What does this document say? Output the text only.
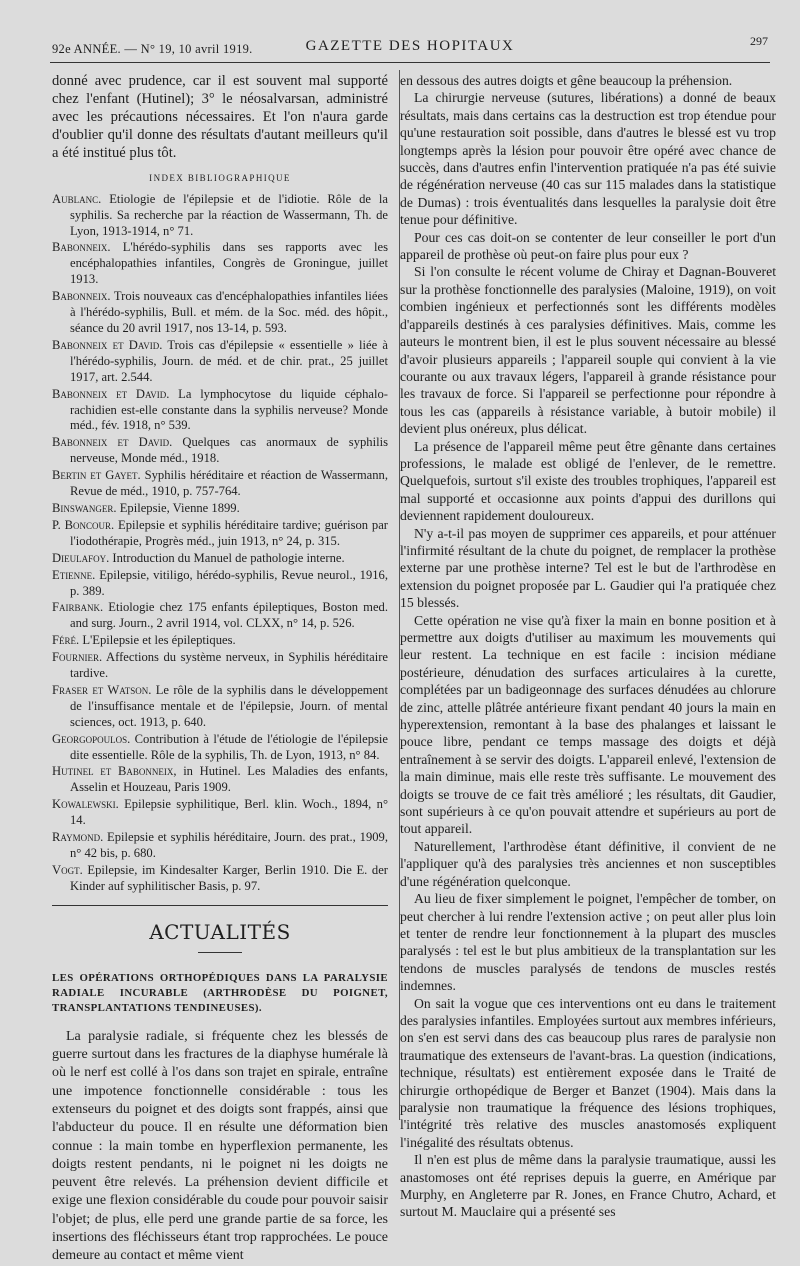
92e ANNÉE. — N° 19, 10 avril 1919.	GAZETTE DES HOPITAUX	297

donné avec prudence, car il est souvent mal supporté chez l'enfant (Hutinel); 3° le néosalvarsan, administré avec les précautions nécessaires. Et l'on n'aura garde d'oublier qu'il donne des résultats d'autant meilleurs qu'il a été institué plus tôt.

INDEX BIBLIOGRAPHIQUE

Aublanc. Etiologie de l'épilepsie et de l'idiotie. Rôle de la syphilis. Sa recherche par la réaction de Wassermann, Th. de Lyon, 1913-1914, n° 71.

Babonneix. L'hérédo-syphilis dans ses rapports avec les encéphalopathies infantiles, Congrès de Groningue, juillet 1913.

Babonneix. Trois nouveaux cas d'encéphalopathies infantiles liées à l'hérédo-syphilis, Bull. et mém. de la Soc. méd. des hôpit., séance du 20 avril 1917, nos 13-14, p. 593.

Babonneix et David. Trois cas d'épilepsie « essentielle » liée à l'hérédo-syphilis, Journ. de méd. et de chir. prat., 25 juillet 1917, art. 2.544.

Babonneix et David. La lymphocytose du liquide céphalo-rachidien est-elle constante dans la syphilis nerveuse? Monde méd., fév. 1918, n° 539.

Babonneix et David. Quelques cas anormaux de syphilis nerveuse, Monde méd., 1918.

Bertin et Gayet. Syphilis héréditaire et réaction de Wassermann, Revue de méd., 1910, p. 757-764.

Binswanger. Epilepsie, Vienne 1899.

P. Boncour. Epilepsie et syphilis héréditaire tardive; guérison par l'iodothérapie, Progrès méd., juin 1913, n° 24, p. 315.

Dieulafoy. Introduction du Manuel de pathologie interne.

Etienne. Epilepsie, vitiligo, hérédo-syphilis, Revue neurol., 1916, p. 389.

Fairbank. Etiologie chez 175 enfants épileptiques, Boston med. and surg. Journ., 2 avril 1914, vol. CLXX, n° 14, p. 526.

Féré. L'Epilepsie et les épileptiques.

Fournier. Affections du système nerveux, in Syphilis héréditaire tardive.

Fraser et Watson. Le rôle de la syphilis dans le développement de l'insuffisance mentale et de l'épilepsie, Journ. of mental sciences, oct. 1913, p. 640.

Georgopoulos. Contribution à l'étude de l'étiologie de l'épilepsie dite essentielle. Rôle de la syphilis, Th. de Lyon, 1913, n° 84.

Hutinel et Babonneix, in Hutinel. Les Maladies des enfants, Asselin et Houzeau, Paris 1909.

Kowalewski. Epilepsie syphilitique, Berl. klin. Woch., 1894, n° 14.

Raymond. Epilepsie et syphilis héréditaire, Journ. des prat., 1909, n° 42 bis, p. 680.

Vogt. Epilepsie, im Kindesalter Karger, Berlin 1910. Die E. der Kinder auf syphilitischer Basis, p. 97.

ACTUALITÉS

LES OPÉRATIONS ORTHOPÉDIQUES DANS LA PARALYSIE RADIALE INCURABLE (ARTHRODÈSE DU POIGNET, TRANSPLANTATIONS TENDINEUSES).

La paralysie radiale, si fréquente chez les blessés de guerre surtout dans les fractures de la diaphyse humérale là où le nerf est collé à l'os dans son trajet en spirale, entraîne une impotence fonctionnelle considérable : tous les extenseurs du poignet et des doigts sont frappés, ainsi que l'abducteur du pouce. Il en résulte une déformation bien connue : la main tombe en hyperflexion permanente, les doigts restent pendants, ni le poignet ni les doigts ne peuvent être relevés. La préhension devient difficile et exige une flexion considérable du coude pour pouvoir saisir l'objet; de plus, elle perd une grande partie de sa force, les insertions des fléchisseurs étant trop rapprochées. Le pouce demeure au contact et même vient

en dessous des autres doigts et gêne beaucoup la préhension.

La chirurgie nerveuse (sutures, libérations) a donné de beaux résultats, mais dans certains cas la destruction est trop étendue pour qu'une restauration soit possible, dans d'autres le blessé est vu trop longtemps après la lésion pour pouvoir être opéré avec chance de succès, dans d'autres enfin l'intervention pratiquée n'a pas été suivie de régénération nerveuse (40 cas sur 115 malades dans la statistique de Dumas) : trois éventualités dans lesquelles la paralysie doit être tenue pour définitive.

Pour ces cas doit-on se contenter de leur conseiller le port d'un appareil de prothèse où peut-on faire plus pour eux ?

Si l'on consulte le récent volume de Chiray et Dagnan-Bouveret sur la prothèse fonctionnelle des paralysies (Maloine, 1919), on voit combien ingénieux et perfectionnés sont les différents modèles d'appareils destinés à ces paralysies définitives. Mais, comme les auteurs le montrent bien, il est le plus souvent nécessaire au blessé d'avoir plusieurs appareils ; l'appareil souple qui convient à la vie courante ou aux travaux légers, l'appareil à grande résistance pour les travaux de force. Si l'appareil se perfectionne pour répondre à tous les cas (appareils à résistance variable, à butoir mobile) il devient plus onéreux, plus délicat.

La présence de l'appareil même peut être gênante dans certaines professions, le malade est obligé de l'enlever, de le remettre. Quelquefois, surtout s'il existe des troubles trophiques, l'appareil est mal supporté et occasionne aux points d'appui des durillons qui deviennent rapidement douloureux.

N'y a-t-il pas moyen de supprimer ces appareils, et pour atténuer l'infirmité résultant de la chute du poignet, de remplacer la prothèse externe par une prothèse interne? Tel est le but de l'arthrodèse en extension du poignet proposée par L. Gaudier qui l'a pratiquée chez 15 blessés.

Cette opération ne vise qu'à fixer la main en bonne position et à permettre aux doigts d'utiliser au maximum les mouvements qui leur restent. La technique en est facile : incision médiane postérieure, dénudation des surfaces articulaires à la curette, complétées par un badigeonnage des surfaces dénudées au chlorure de zinc, attelle plâtrée antérieure fixant pendant 40 jours la main en hyperextension, remontant à la base des phalanges et laissant le pouce libre, pendant ce temps massage des doigts et déjà entraînement à se servir des doigts. L'appareil enlevé, l'extension de la main diminue, mais elle reste très suffisante. Le mouvement des doigts se trouve de ce fait très amélioré ; les résultats, dit Gaudier, sont supérieurs à ce qu'on pouvait attendre et supérieurs au port de tout appareil.

Naturellement, l'arthrodèse étant définitive, il convient de ne l'appliquer qu'à des paralysies très anciennes et non susceptibles d'une régénération quelconque.

Au lieu de fixer simplement le poignet, l'empêcher de tomber, on peut chercher à lui rendre l'extension active ; on peut aller plus loin et tenter de rendre leur fonctionnement à la plupart des muscles paralysés : tel est le but plus ambitieux de la transplantation sur les tendons de muscles paralysés de tendons de muscles restés indemnes.

On sait la vogue que ces interventions ont eu dans le traitement des paralysies infantiles. Employées surtout aux membres inférieurs, on s'en est servi dans des cas beaucoup plus rares de paralysie non traumatique des extenseurs de l'avant-bras. La question (indications, technique, résultats) est entièrement exposée dans le Traité de chirurgie orthopédique de Berger et Banzet (1904). Mais dans la paralysie non traumatique la fréquence des lésions trophiques, l'intégrité très relative des muscles anastomosés expliquent l'inégalité des résultats obtenus.

Il n'en est plus de même dans la paralysie traumatique, aussi les anastomoses ont été reprises depuis la guerre, en Amérique par Murphy, en Angleterre par R. Jones, en France Chutro, Achard, et surtout M. Mauclaire qui a présenté ses
